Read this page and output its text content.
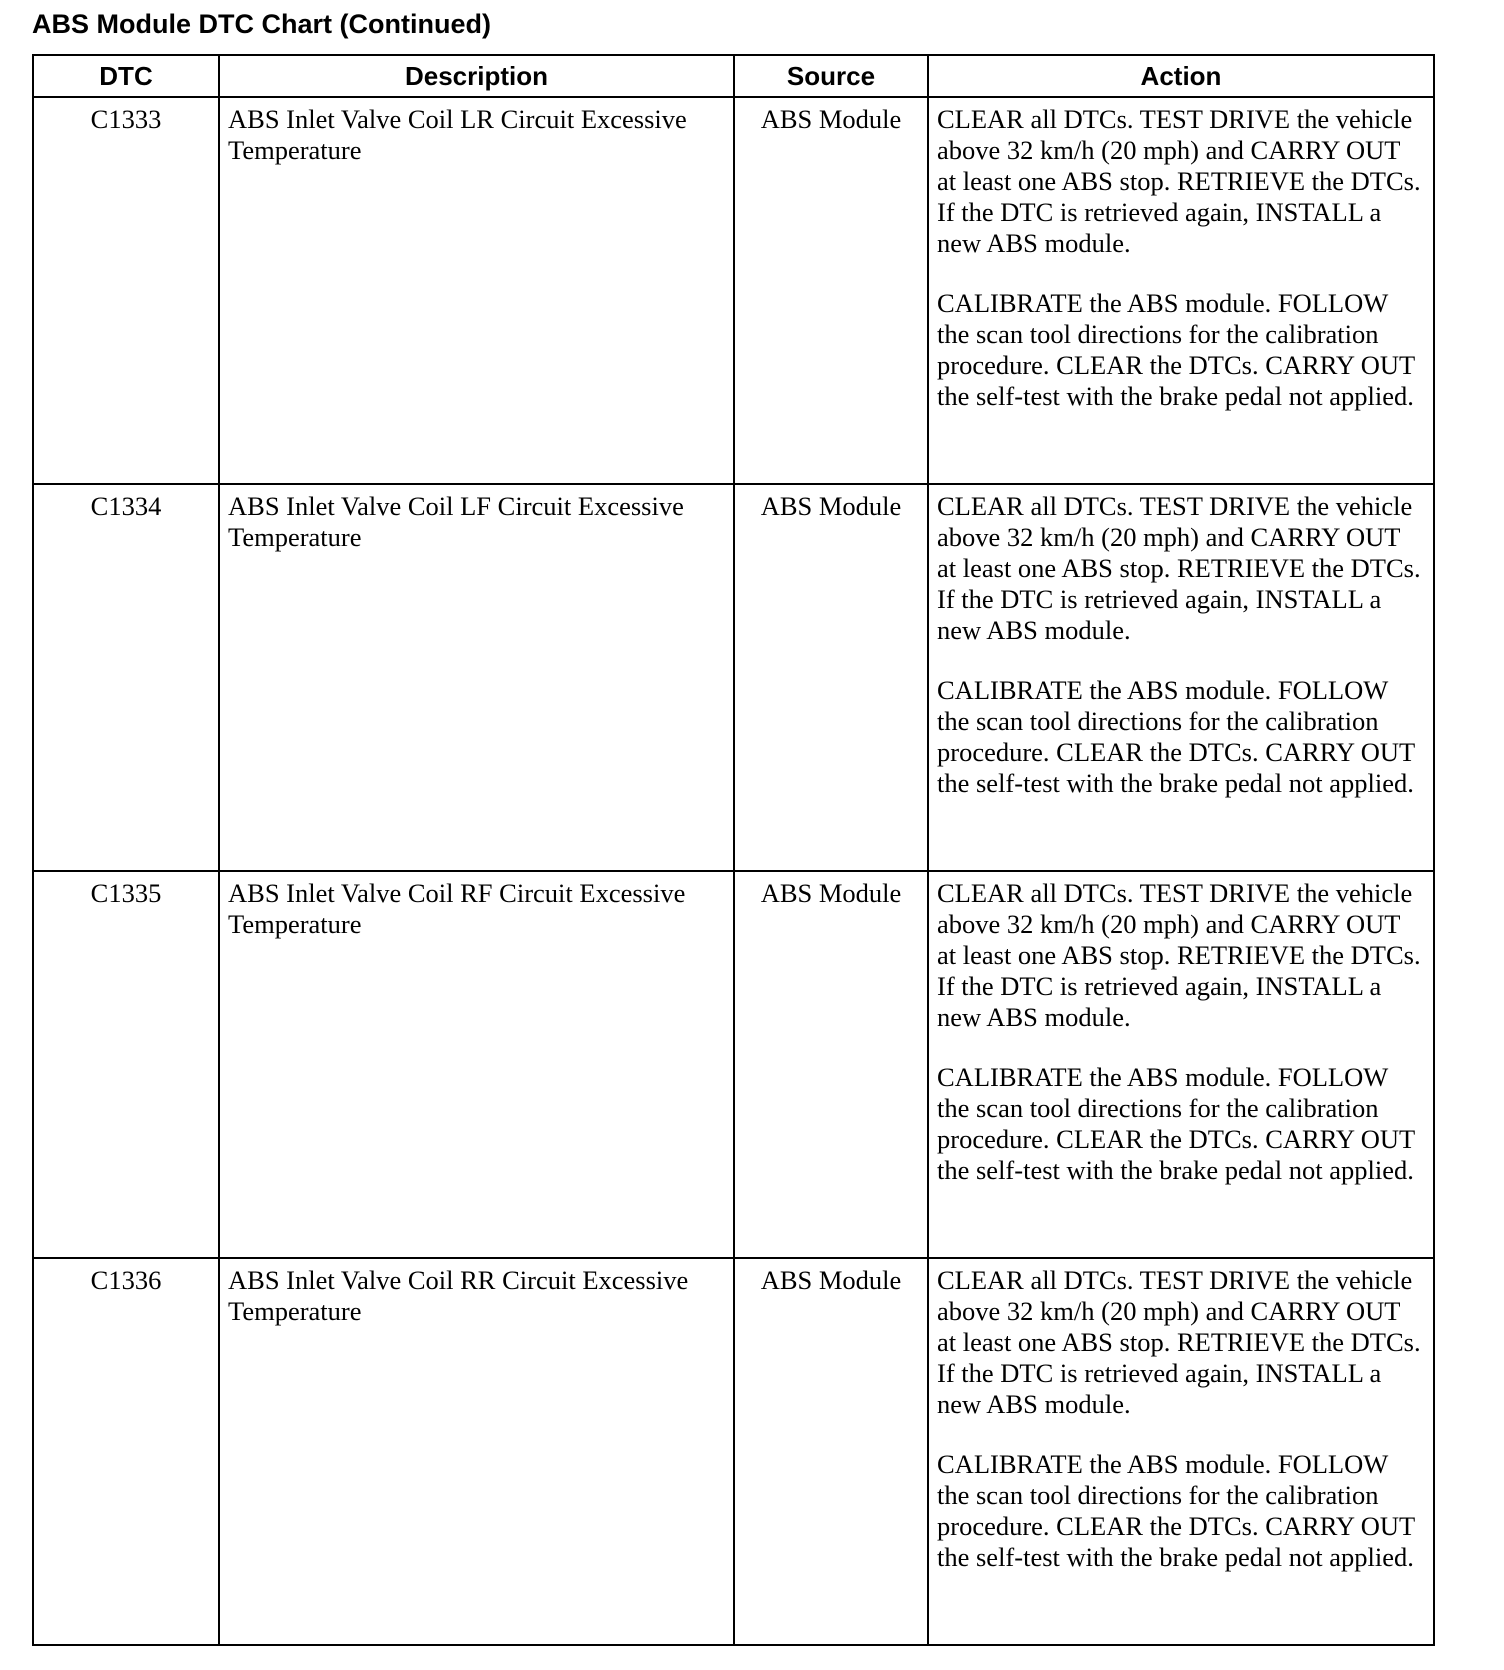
ABS Module DTC Chart (Continued)
DTC	Description	Source	Action
C1333	ABS Inlet Valve Coil LR Circuit Excessive Temperature	ABS Module	CLEAR all DTCs. TEST DRIVE the vehicle above 32 km/h (20 mph) and CARRY OUT at least one ABS stop. RETRIEVE the DTCs. If the DTC is retrieved again, INSTALL a new ABS module.

CALIBRATE the ABS module. FOLLOW the scan tool directions for the calibration procedure. CLEAR the DTCs. CARRY OUT the self-test with the brake pedal not applied.

C1334	ABS Inlet Valve Coil LF Circuit Excessive Temperature	ABS Module	CLEAR all DTCs. TEST DRIVE the vehicle above 32 km/h (20 mph) and CARRY OUT at least one ABS stop. RETRIEVE the DTCs. If the DTC is retrieved again, INSTALL a new ABS module.

CALIBRATE the ABS module. FOLLOW the scan tool directions for the calibration procedure. CLEAR the DTCs. CARRY OUT the self-test with the brake pedal not applied.

C1335	ABS Inlet Valve Coil RF Circuit Excessive Temperature	ABS Module	CLEAR all DTCs. TEST DRIVE the vehicle above 32 km/h (20 mph) and CARRY OUT at least one ABS stop. RETRIEVE the DTCs. If the DTC is retrieved again, INSTALL a new ABS module.

CALIBRATE the ABS module. FOLLOW the scan tool directions for the calibration procedure. CLEAR the DTCs. CARRY OUT the self-test with the brake pedal not applied.

C1336	ABS Inlet Valve Coil RR Circuit Excessive Temperature	ABS Module	CLEAR all DTCs. TEST DRIVE the vehicle above 32 km/h (20 mph) and CARRY OUT at least one ABS stop. RETRIEVE the DTCs. If the DTC is retrieved again, INSTALL a new ABS module.

CALIBRATE the ABS module. FOLLOW the scan tool directions for the calibration procedure. CLEAR the DTCs. CARRY OUT the self-test with the brake pedal not applied.
